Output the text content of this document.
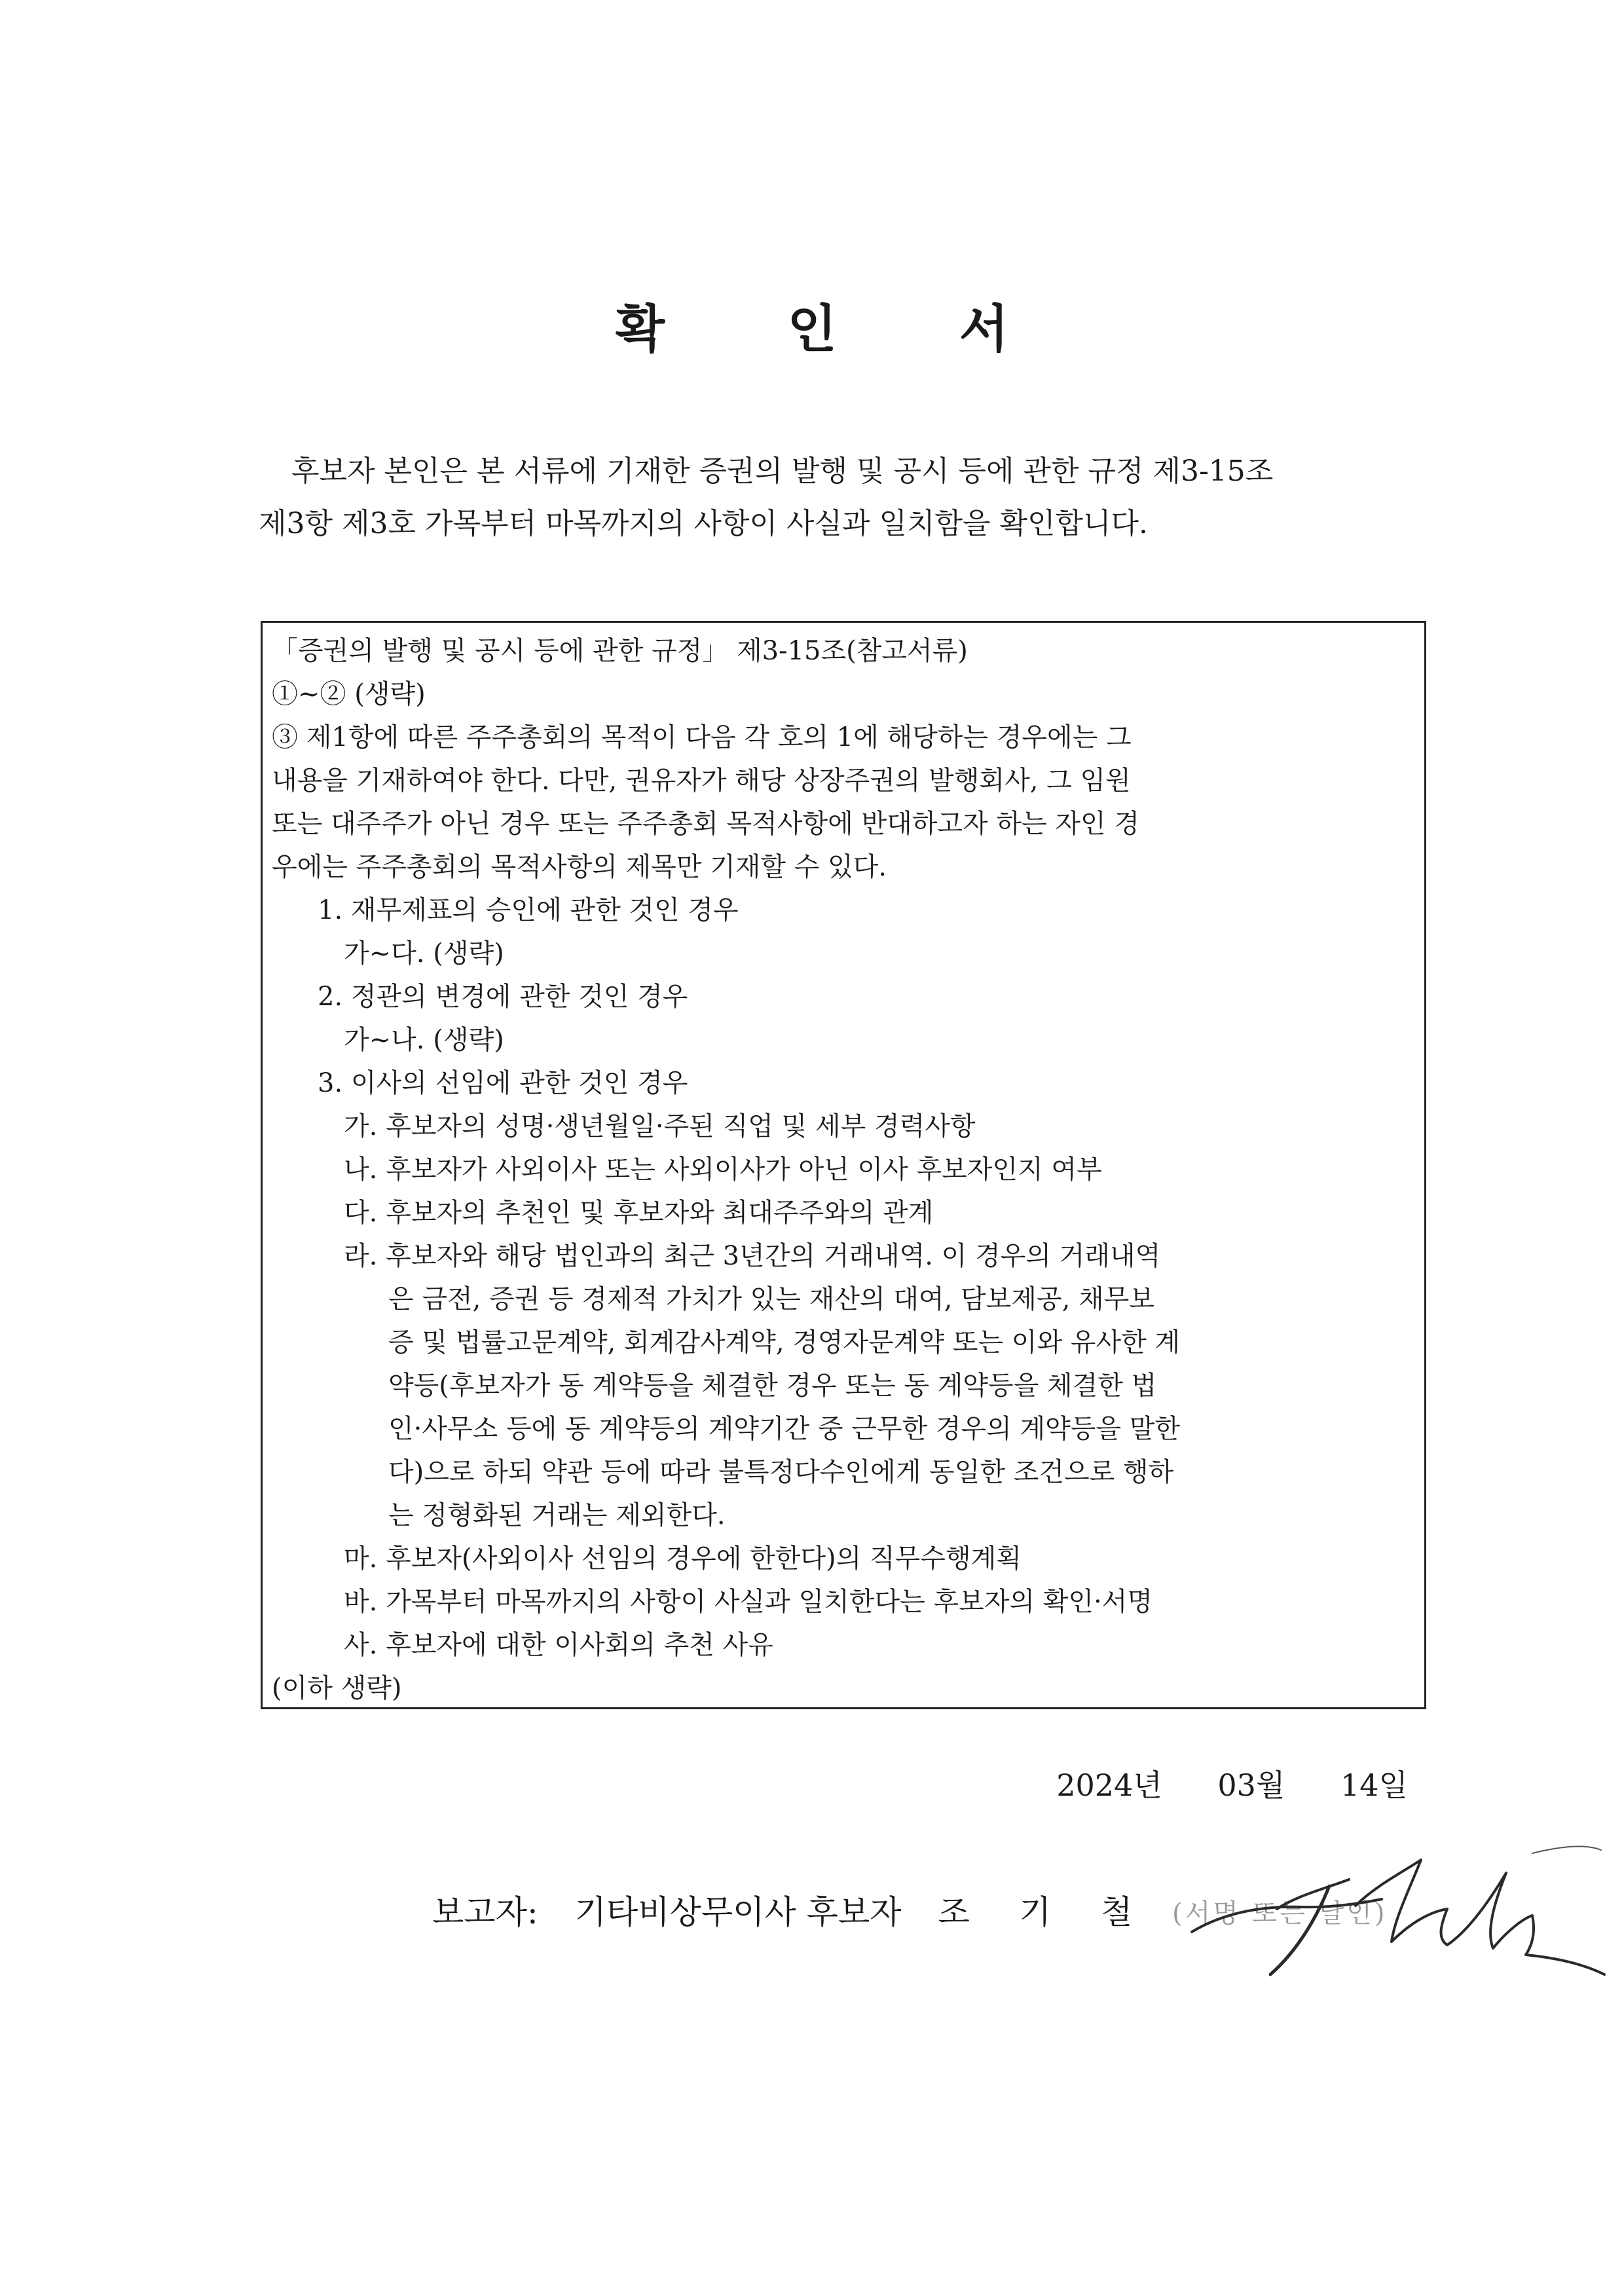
확 인 서
후보자 본인은 본 서류에 기재한 증권의 발행 및 공시 등에 관한 규정 제3-15조
제3항 제3호 가목부터 마목까지의 사항이 사실과 일치함을 확인합니다.
「증권의 발행 및 공시 등에 관한 규정」 제3-15조(참고서류)
①~② (생략)
③ 제1항에 따른 주주총회의 목적이 다음 각 호의 1에 해당하는 경우에는 그
내용을 기재하여야 한다. 다만, 권유자가 해당 상장주권의 발행회사, 그 임원
또는 대주주가 아닌 경우 또는 주주총회 목적사항에 반대하고자 하는 자인 경
우에는 주주총회의 목적사항의 제목만 기재할 수 있다.
1. 재무제표의 승인에 관한 것인 경우
가~다. (생략)
2. 정관의 변경에 관한 것인 경우
가~나. (생략)
3. 이사의 선임에 관한 것인 경우
가. 후보자의 성명·생년월일·주된 직업 및 세부 경력사항
나. 후보자가 사외이사 또는 사외이사가 아닌 이사 후보자인지 여부
다. 후보자의 추천인 및 후보자와 최대주주와의 관계
라. 후보자와 해당 법인과의 최근 3년간의 거래내역. 이 경우의 거래내역
은 금전, 증권 등 경제적 가치가 있는 재산의 대여, 담보제공, 채무보
증 및 법률고문계약, 회계감사계약, 경영자문계약 또는 이와 유사한 계
약등(후보자가 동 계약등을 체결한 경우 또는 동 계약등을 체결한 법
인·사무소 등에 동 계약등의 계약기간 중 근무한 경우의 계약등을 말한
다)으로 하되 약관 등에 따라 불특정다수인에게 동일한 조건으로 행하
는 정형화된 거래는 제외한다.
마. 후보자(사외이사 선임의 경우에 한한다)의 직무수행계획
바. 가목부터 마목까지의 사항이 사실과 일치한다는 후보자의 확인·서명
사. 후보자에 대한 이사회의 추천 사유
(이하 생략)
2024년 03월 14일
보고자: 기타비상무이사 후보자 조 기 철 (서명 또는 날인)
